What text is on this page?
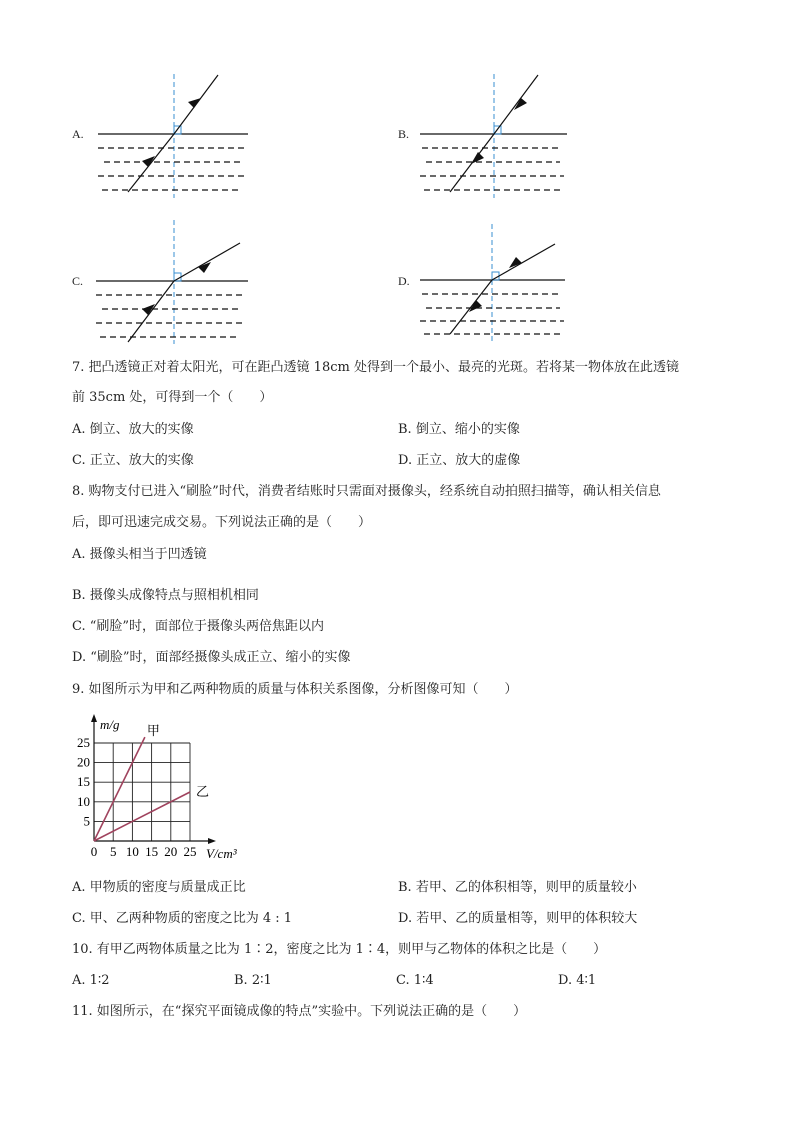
A.	B.
C.	D.
7. 把凸透镜正对着太阳光，可在距凸透镜 18cm 处得到一个最小、最亮的光斑。若将某一物体放在此透镜
前 35cm 处，可得到一个（　　）
A. 倒立、放大的实像	B. 倒立、缩小的实像
C. 正立、放大的实像	D. 正立、放大的虚像
8. 购物支付已进入“刷脸”时代，消费者结账时只需面对摄像头，经系统自动拍照扫描等，确认相关信息
后，即可迅速完成交易。下列说法正确的是（　　）
A. 摄像头相当于凹透镜
B. 摄像头成像特点与照相机相同
C. “刷脸”时，面部位于摄像头两倍焦距以内
D. “刷脸”时，面部经摄像头成正立、缩小的实像
9. 如图所示为甲和乙两种物质的质量与体积关系图像，分析图像可知（　　）
甲
乙
0 5 10 15 20 25
5
10
15
20
25
m/g
V/cm³
A. 甲物质的密度与质量成正比	B. 若甲、乙的体积相等，则甲的质量较小
C. 甲、乙两种物质的密度之比为 4 : 1	D. 若甲、乙的质量相等，则甲的体积较大
10. 有甲乙两物体质量之比为 1∶2，密度之比为 1∶4，则甲与乙物体的体积之比是（　　）
A. 1∶2	B. 2∶1	C. 1∶4	D. 4∶1
11. 如图所示，在“探究平面镜成像的特点”实验中。下列说法正确的是（　　）
